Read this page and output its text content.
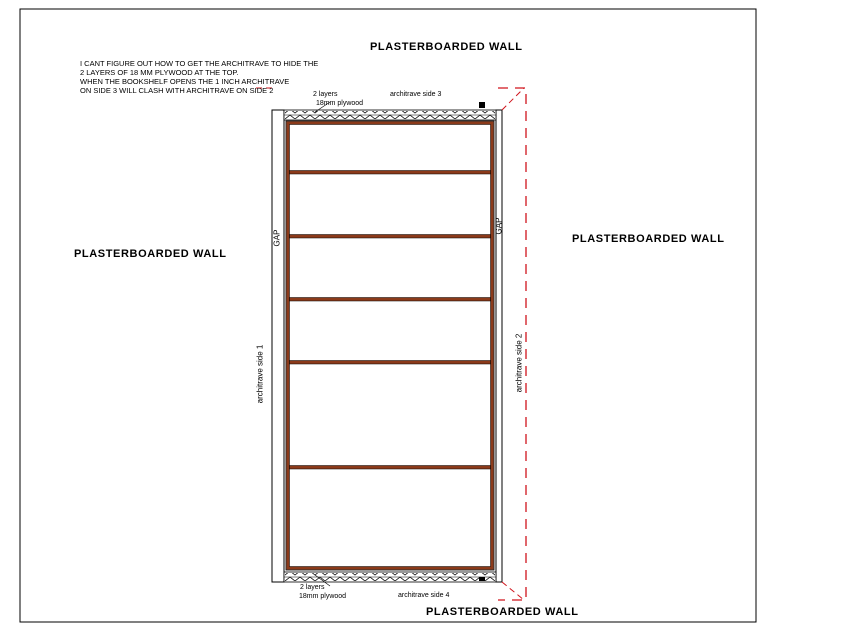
PLASTERBOARDED WALL
PLASTERBOARDED WALL
PLASTERBOARDED WALL
PLASTERBOARDED WALL
I CANT FIGURE OUT HOW TO GET THE ARCHITRAVE TO HIDE THE
2 LAYERS OF 18 MM PLYWOOD AT THE TOP.
WHEN THE BOOKSHELF OPENS THE 1 INCH ARCHITRAVE
ON SIDE 3 WILL CLASH WITH ARCHITRAVE ON SIDE 2	2 layers
18mm plywood
architrave side 3
2 layers
18mm plywood	architrave side 4
GAP
GAP
architrave side 1	architrave side 2
